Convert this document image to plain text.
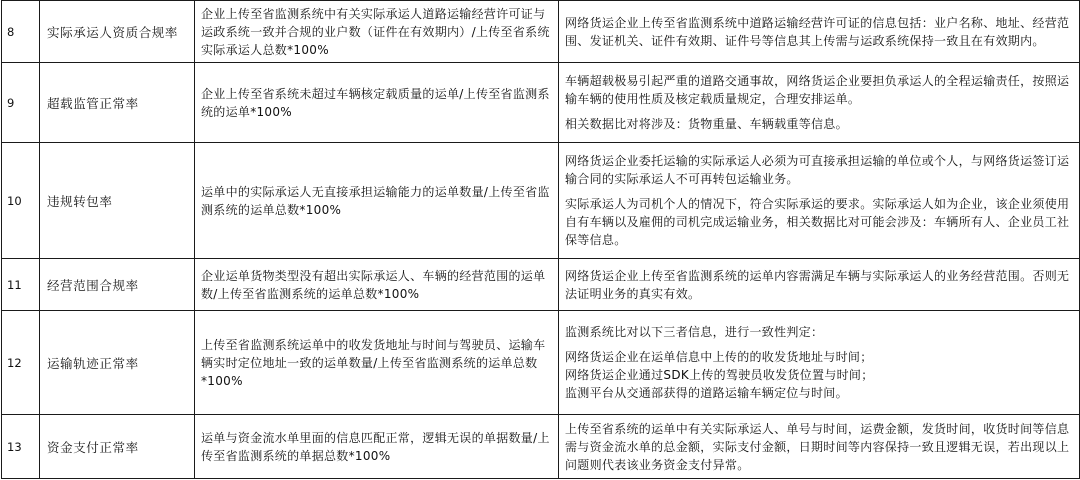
8	实际承运人资质合规率	企业上传至省监测系统中有关实际承运人道路运输经营许可证与运政系统一致并合规的业户数（证件在有效期内）/上传至省系统实际承运人总数*100%	网络货运企业上传至省监测系统中道路运输经营许可证的信息包括：业户名称、地址、经营范围、发证机关、证件有效期、证件号等信息其上传需与运政系统保持一致且在有效期内。

9	超载监管正常率	企业上传至省系统未超过车辆核定载质量的运单/上传至省监测系统的运单*100%	车辆超载极易引起严重的道路交通事故，网络货运企业要担负承运人的全程运输责任，按照运输车辆的使用性质及核定载质量规定，合理安排运单。
相关数据比对将涉及：货物重量、车辆载重等信息。

10	违规转包率	运单中的实际承运人无直接承担运输能力的运单数量/上传至省监测系统的运单总数*100%	网络货运企业委托运输的实际承运人必须为可直接承担运输的单位或个人，与网络货运签订运输合同的实际承运人不可再转包运输业务。
实际承运人为司机个人的情况下，符合实际承运的要求。实际承运人如为企业，该企业须使用自有车辆以及雇佣的司机完成运输业务，相关数据比对可能会涉及：车辆所有人、企业员工社保等信息。

11	经营范围合规率	企业运单货物类型没有超出实际承运人、车辆的经营范围的运单数/上传至省监测系统的运单总数*100%	网络货运企业上传至省监测系统的运单内容需满足车辆与实际承运人的业务经营范围。否则无法证明业务的真实有效。

12	运输轨迹正常率	上传至省监测系统运单中的收发货地址与时间与驾驶员、运输车辆实时定位地址一致的运单数量/上传至省监测系统的运单总数*100%	监测系统比对以下三者信息，进行一致性判定：
网络货运企业在运单信息中上传的的收发货地址与时间；
网络货运企业通过SDK上传的驾驶员收发货位置与时间；
监测平台从交通部获得的道路运输车辆定位与时间。

13	资金支付正常率	运单与资金流水单里面的信息匹配正常，逻辑无误的单据数量/上传至省监测系统的单据总数*100%	上传至省系统的运单中有关实际承运人、单号与时间，运费金额，发货时间，收货时间等信息需与资金流水单的总金额，实际支付金额，日期时间等内容保持一致且逻辑无误，若出现以上问题则代表该业务资金支付异常。
